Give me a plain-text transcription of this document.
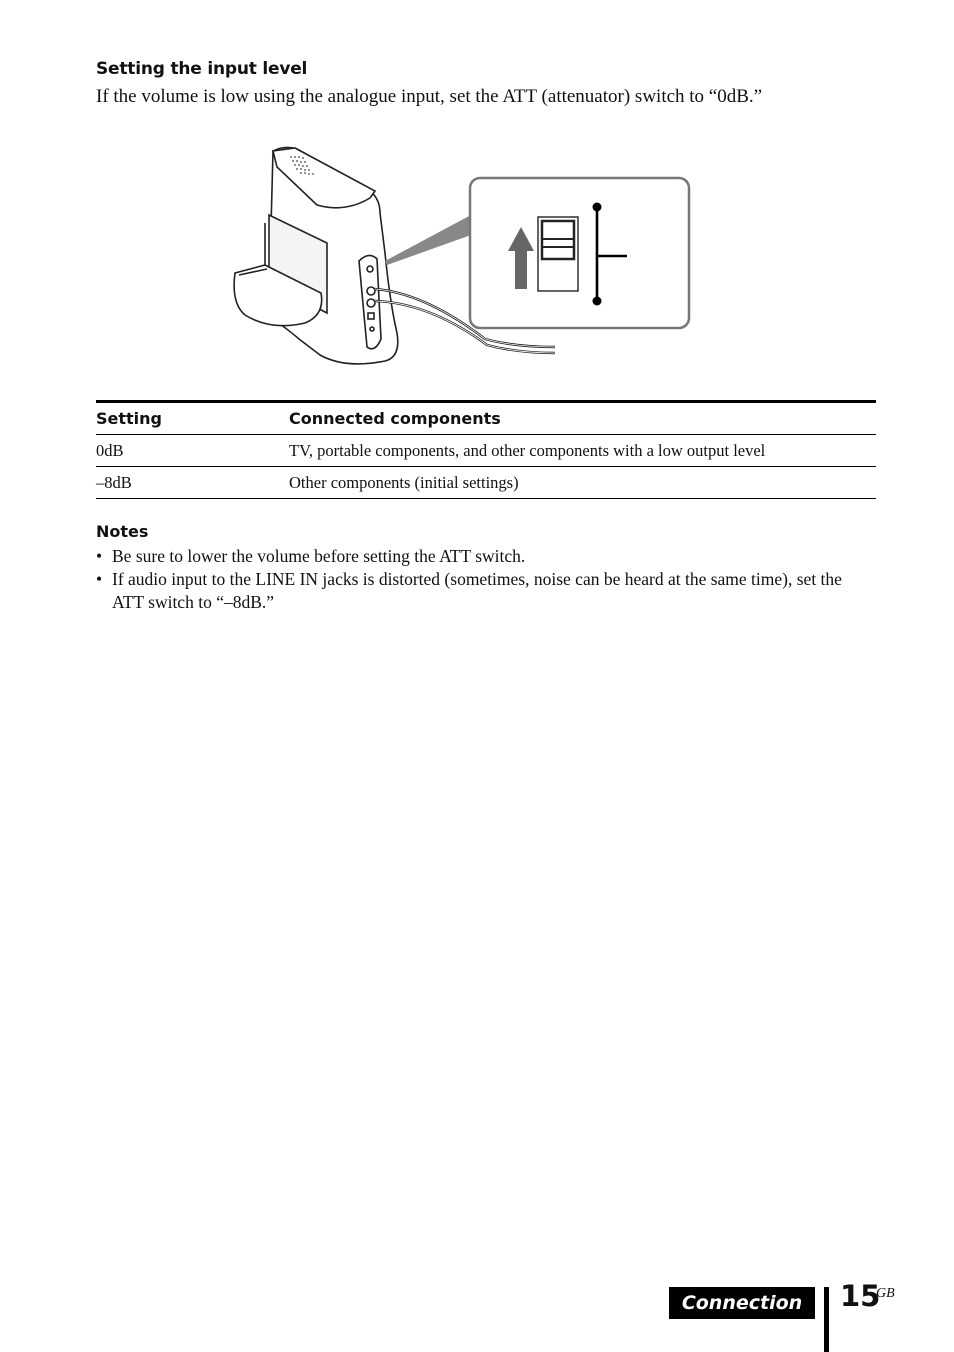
Setting the input level
If the volume is low using the analogue input, set the ATT (attenuator) switch to “0dB.”
Setting	Connected components
0dB	TV, portable components, and other components with a low output level
–8dB	Other components (initial settings)
Notes
• Be sure to lower the volume before setting the ATT switch.
• If audio input to the LINE IN jacks is distorted (sometimes, noise can be heard at the same time), set the ATT switch to “–8dB.”
Connection	15
GB
